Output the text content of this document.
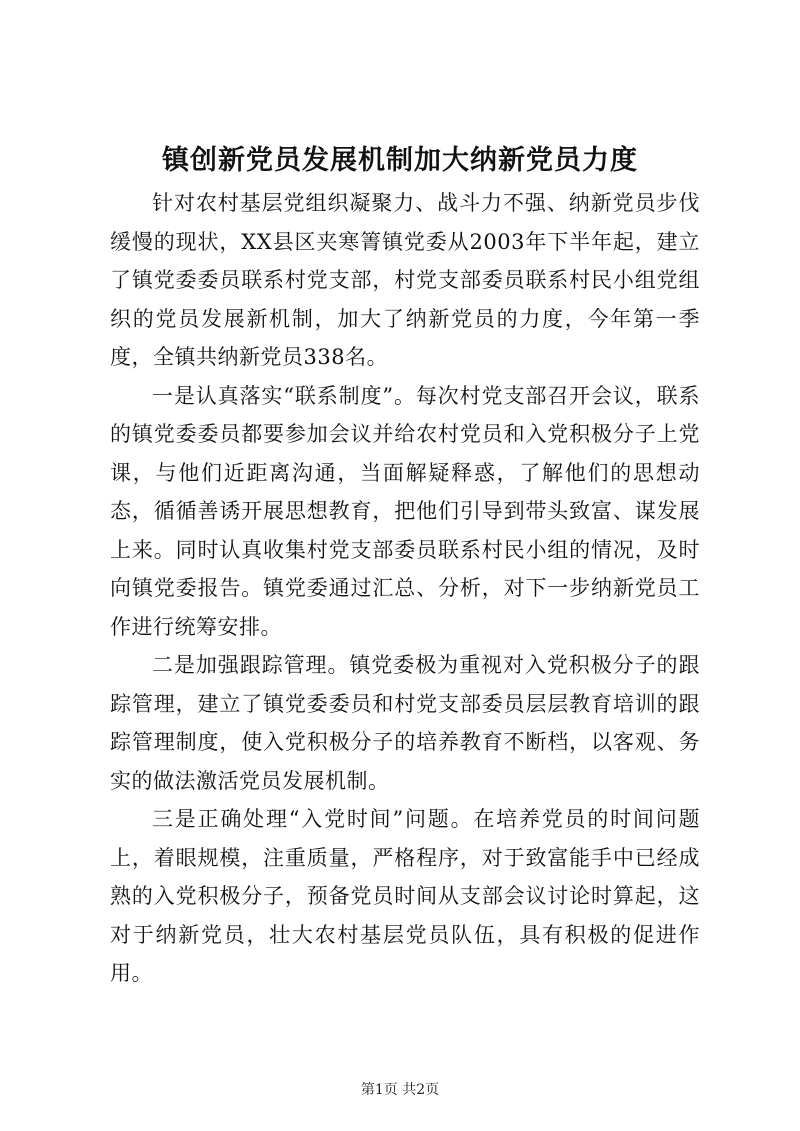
镇创新党员发展机制加大纳新党员力度

针对农村基层党组织凝聚力、战斗力不强、纳新党员步伐缓慢的现状，XX县区夹寒箐镇党委从2003年下半年起，建立了镇党委委员联系村党支部，村党支部委员联系村民小组党组织的党员发展新机制，加大了纳新党员的力度，今年第一季度，全镇共纳新党员338名。

一是认真落实“联系制度”。每次村党支部召开会议，联系的镇党委委员都要参加会议并给农村党员和入党积极分子上党课，与他们近距离沟通，当面解疑释惑，了解他们的思想动态，循循善诱开展思想教育，把他们引导到带头致富、谋发展上来。同时认真收集村党支部委员联系村民小组的情况，及时向镇党委报告。镇党委通过汇总、分析，对下一步纳新党员工作进行统筹安排。

二是加强跟踪管理。镇党委极为重视对入党积极分子的跟踪管理，建立了镇党委委员和村党支部委员层层教育培训的跟踪管理制度，使入党积极分子的培养教育不断档，以客观、务实的做法激活党员发展机制。

三是正确处理“入党时间”问题。在培养党员的时间问题上，着眼规模，注重质量，严格程序，对于致富能手中已经成熟的入党积极分子，预备党员时间从支部会议讨论时算起，这对于纳新党员，壮大农村基层党员队伍，具有积极的促进作用。

第1页 共2页
